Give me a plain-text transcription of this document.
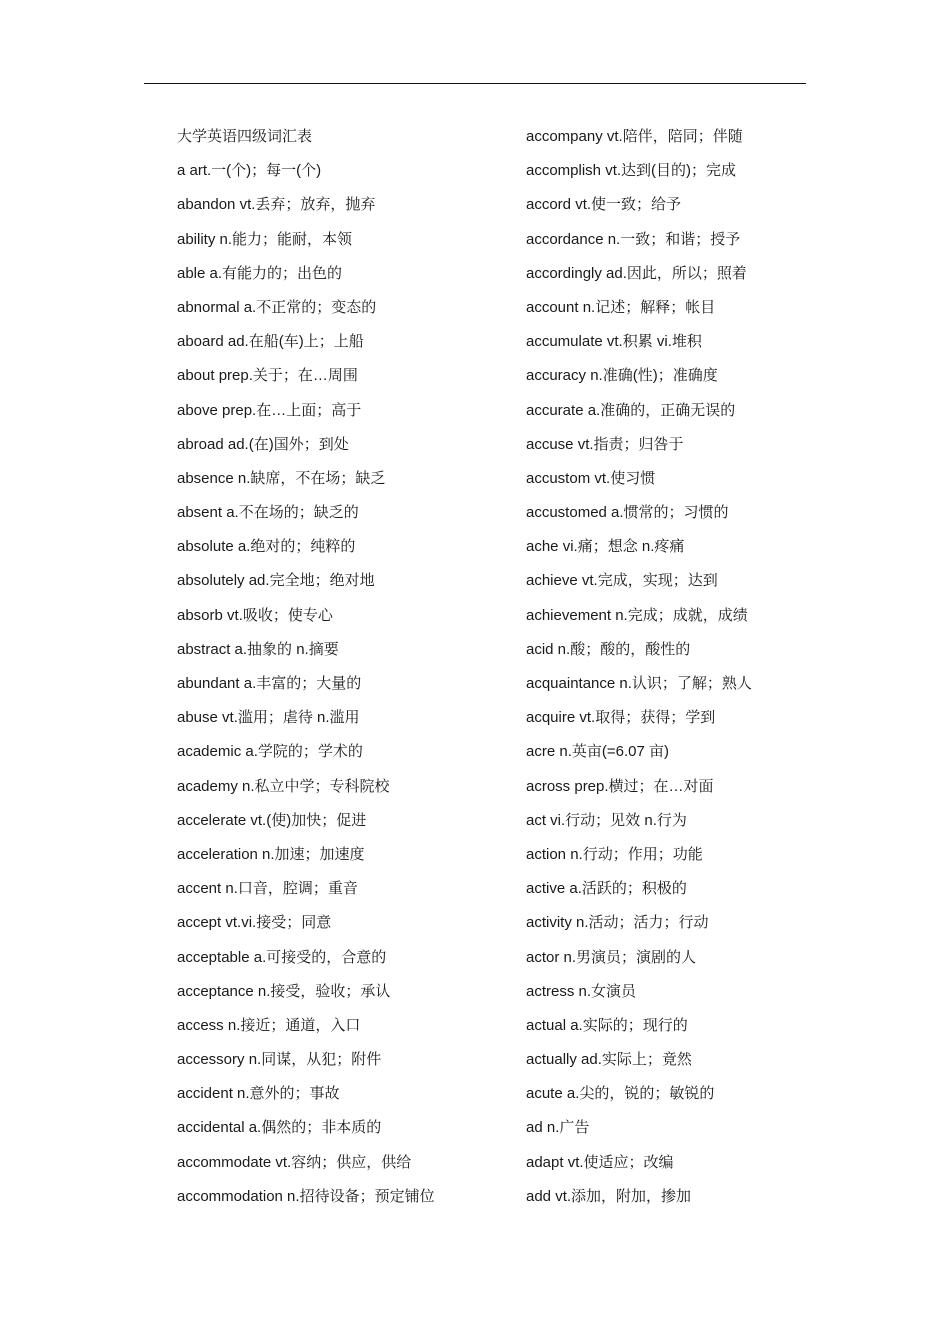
大学英语四级词汇表
a art.一(个)；每一(个)
abandon vt.丢弃；放弃，抛弃
ability n.能力；能耐，本领
able a.有能力的；出色的
abnormal a.不正常的；变态的
aboard ad.在船(车)上；上船
about prep.关于；在…周围
above prep.在…上面；高于
abroad ad.(在)国外；到处
absence n.缺席，不在场；缺乏
absent a.不在场的；缺乏的
absolute a.绝对的；纯粹的
absolutely ad.完全地；绝对地
absorb vt.吸收；使专心
abstract a.抽象的 n.摘要
abundant a.丰富的；大量的
abuse vt.滥用；虐待 n.滥用
academic a.学院的；学术的
academy n.私立中学；专科院校
accelerate vt.(使)加快；促进
acceleration n.加速；加速度
accent n.口音，腔调；重音
accept vt.vi.接受；同意
acceptable a.可接受的，合意的
acceptance n.接受，验收；承认
access n.接近；通道，入口
accessory n.同谋，从犯；附件
accident n.意外的；事故
accidental a.偶然的；非本质的
accommodate vt.容纳；供应，供给
accommodation n.招待设备；预定铺位
accompany vt.陪伴，陪同；伴随
accomplish vt.达到(目的)；完成
accord vt.使一致；给予
accordance n.一致；和谐；授予
accordingly ad.因此，所以；照着
account n.记述；解释；帐目
accumulate vt.积累 vi.堆积
accuracy n.准确(性)；准确度
accurate a.准确的，正确无误的
accuse vt.指责；归咎于
accustom vt.使习惯
accustomed a.惯常的；习惯的
ache vi.痛；想念 n.疼痛
achieve vt.完成，实现；达到
achievement n.完成；成就，成绩
acid n.酸；酸的，酸性的
acquaintance n.认识；了解；熟人
acquire vt.取得；获得；学到
acre n.英亩(=6.07 亩)
across prep.横过；在…对面
act vi.行动；见效 n.行为
action n.行动；作用；功能
active a.活跃的；积极的
activity n.活动；活力；行动
actor n.男演员；演剧的人
actress n.女演员
actual a.实际的；现行的
actually ad.实际上；竟然
acute a.尖的，锐的；敏锐的
ad n.广告
adapt vt.使适应；改编
add vt.添加，附加，掺加
